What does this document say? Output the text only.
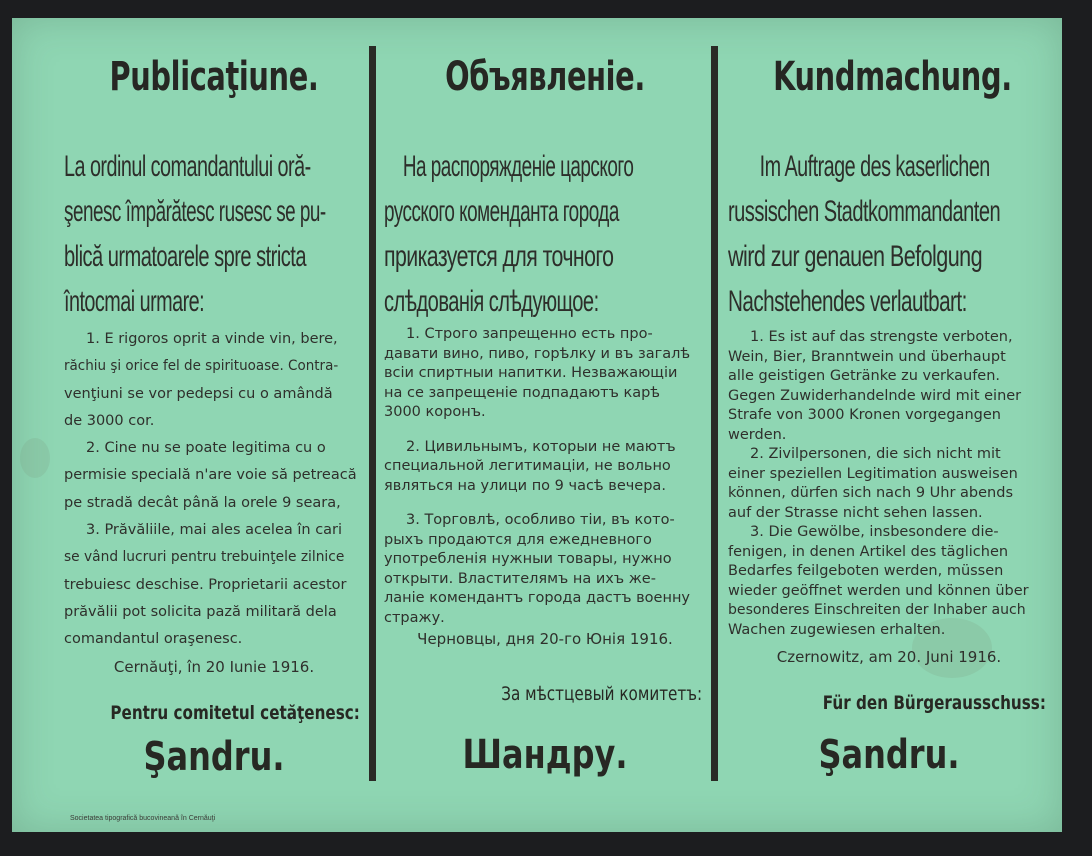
Publicaţiune.
La ordinul comandantului oră-
şenesc împărătesc rusesc se pu-
blică urmatoarele spre stricta
întocmai urmare:
1. E rigoros oprit a vinde vin, bere,
răchiu şi orice fel de spirituoase. Contra-
venţiuni se vor pedepsi cu o amândă
de 3000 cor.
2. Cine nu se poate legitima cu o
permisie specială n'are voie să petreacă
pe stradă decât până la orele 9 seara,
3. Prăvăliile, mai ales acelea în cari
se vând lucruri pentru trebuinţele zilnice
trebuiesc deschise. Proprietarii acestor
prăvălii pot solicita pază militară dela
comandantul oraşenesc.
Cernăuţi, în 20 Iunie 1916.
Pentru comitetul cetăţenesc:
Şandru.
Объявленіе.
На распоряжденіе царского
русского коменданта города
приказуется для точного
слѣдованія слѣдующое:
1. Строго запрещенно есть про-
давати вино, пиво, горѣлку и въ загалѣ
всiи спиртныи напитки. Незважающiи
на се запрещеніе подпадаютъ карѣ
3000 коронъ.
2. Цивильнымъ, которыи не маютъ
специальной легитимацiи, не вольно
являться на улици по 9 часѣ вечера.
3. Торговлѣ, особливо тiи, въ кото-
рыхъ продаются для ежедневного
употребленія нужныи товары, нужно
открыти. Властителямъ на ихъ же-
ланiе комендантъ города дастъ военну
стражу.
Черновцы, дня 20-го Юнія 1916.
За мѣстцевый комитетъ:
Шандру.
Kundmachung.
Im Auftrage des kaserlichen
russischen Stadtkommandanten
wird zur genauen Befolgung
Nachstehendes verlautbart:
1. Es ist auf das strengste verboten,
Wein, Bier, Branntwein und überhaupt
alle geistigen Getränke zu verkaufen.
Gegen Zuwiderhandelnde wird mit einer
Strafe von 3000 Kronen vorgegangen
werden.
2. Zivilpersonen, die sich nicht mit
einer speziellen Legitimation ausweisen
können, dürfen sich nach 9 Uhr abends
auf der Strasse nicht sehen lassen.
3. Die Gewölbe, insbesondere die-
fenigen, in denen Artikel des täglichen
Bedarfes feilgeboten werden, müssen
wieder geöffnet werden und können über
besonderes Einschreiten der Inhaber auch
Wachen zugewiesen erhalten.
Czernowitz, am 20. Juni 1916.
Für den Bürgerausschuss:
Şandru.
Societatea tipografică bucovineană în Cernăuţi
